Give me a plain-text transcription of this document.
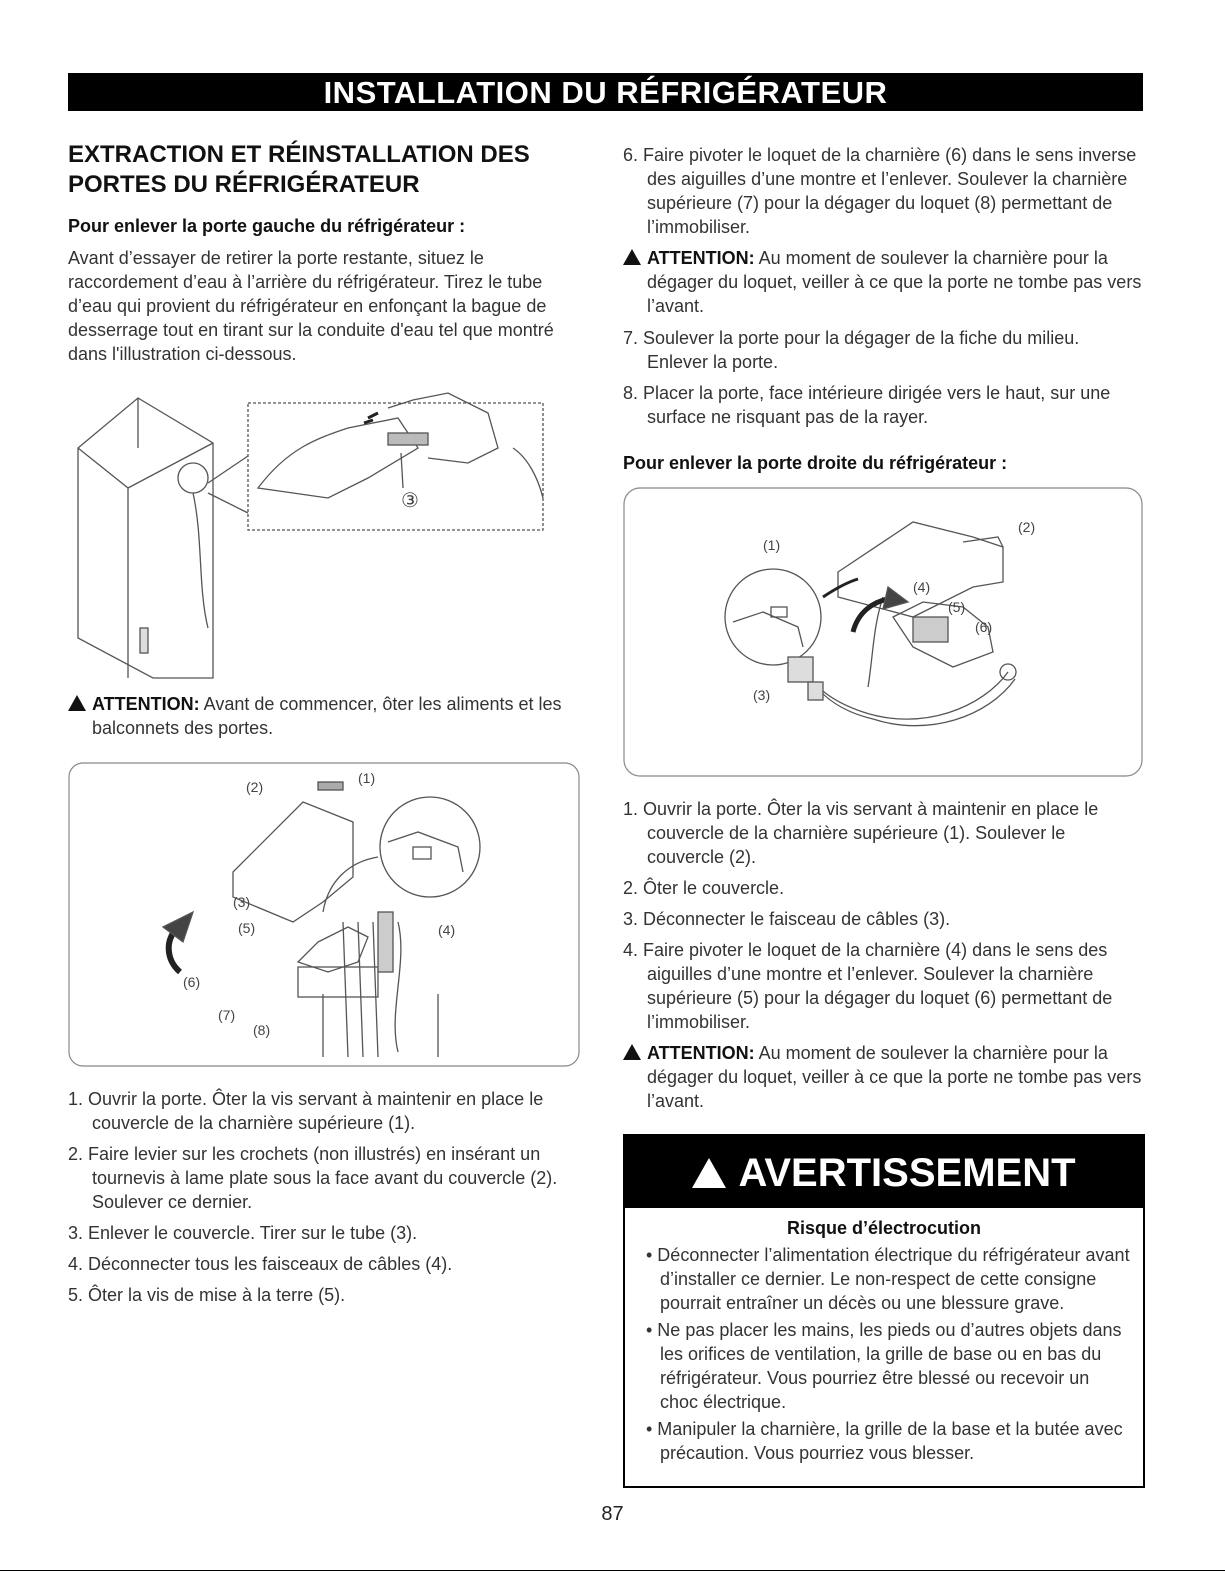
INSTALLATION DU RÉFRIGÉRATEUR
EXTRACTION ET RÉINSTALLATION DES PORTES DU RÉFRIGÉRATEUR
Pour enlever la porte gauche du réfrigérateur :

Avant d’essayer de retirer la porte restante, situez le raccordement d’eau à l’arrière du réfrigérateur. Tirez le tube d’eau qui provient du réfrigérateur en enfonçant la bague de desserrage tout en tirant sur la conduite d'eau tel que montré dans l'illustration ci-dessous.

③
ATTENTION: Avant de commencer, ôter les aliments et les balconnets des portes.
(2)
(1)
(3)
(5)	(4)
(6)
(7)
(8)
1. Ouvrir la porte. Ôter la vis servant à maintenir en place le couvercle de la charnière supérieure (1).
2. Faire levier sur les crochets (non illustrés) en insérant un tournevis à lame plate sous la face avant du couvercle (2). Soulever ce dernier.
3. Enlever le couvercle. Tirer sur le tube (3).
4. Déconnecter tous les faisceaux de câbles (4).
5. Ôter la vis de mise à la terre (5).
6. Faire pivoter le loquet de la charnière (6) dans le sens inverse des aiguilles d’une montre et l’enlever. Soulever la charnière supérieure (7) pour la dégager du loquet (8) permettant de l’immobiliser.
ATTENTION: Au moment de soulever la charnière pour la dégager du loquet, veiller à ce que la porte ne tombe pas vers l’avant.
7. Soulever la porte pour la dégager de la fiche du milieu. Enlever la porte.
8. Placer la porte, face intérieure dirigée vers le haut, sur une surface ne risquant pas de la rayer.
Pour enlever la porte droite du réfrigérateur :
(1)
(2)
(4)
(5)
(6)
(3)
1. Ouvrir la porte. Ôter la vis servant à maintenir en place le couvercle de la charnière supérieure (1). Soulever le couvercle (2).
2. Ôter le couvercle.
3. Déconnecter le faisceau de câbles (3).
4. Faire pivoter le loquet de la charnière (4) dans le sens des aiguilles d’une montre et l’enlever. Soulever la charnière supérieure (5) pour la dégager du loquet (6) permettant de l’immobiliser.
ATTENTION: Au moment de soulever la charnière pour la dégager du loquet, veiller à ce que la porte ne tombe pas vers l’avant.
AVERTISSEMENT
Risque d’électrocution
• Déconnecter l’alimentation électrique du réfrigérateur avant d’installer ce dernier. Le non-respect de cette consigne pourrait entraîner un décès ou une blessure grave.
• Ne pas placer les mains, les pieds ou d’autres objets dans les orifices de ventilation, la grille de base ou en bas du réfrigérateur. Vous pourriez être blessé ou recevoir un choc électrique.
• Manipuler la charnière, la grille de la base et la butée avec précaution. Vous pourriez vous blesser.
87
